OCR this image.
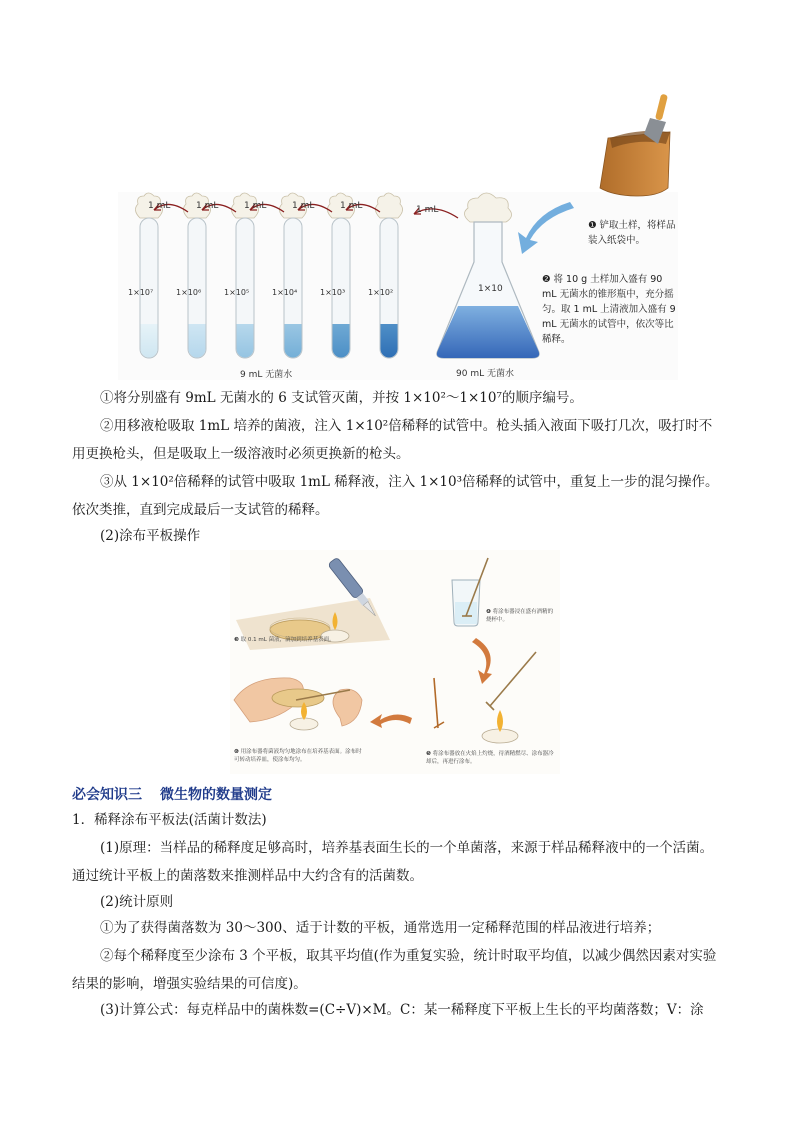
1 mL	1 mL	1 mL	1 mL	1 mL	1 mL
1×10⁷	1×10⁶	1×10⁵	1×10⁴	1×10³	1×10²
9 mL 无菌水
1×10
90 mL 无菌水
❶ 铲取土样，将样品装入纸袋中。
❷ 将 10 g 土样加入盛有 90 mL 无菌水的锥形瓶中，充分摇匀。取 1 mL 上清液加入盛有 9 mL 无菌水的试管中，依次等比稀释。
①将分别盛有 9mL 无菌水的 6 支试管灭菌，并按 1×10²～1×10⁷的顺序编号。
②用移液枪吸取 1mL 培养的菌液，注入 1×10²倍稀释的试管中。枪头插入液面下吸打几次，吸打时不用更换枪头，但是吸取上一级溶液时必须更换新的枪头。
③从 1×10²倍稀释的试管中吸取 1mL 稀释液，注入 1×10³倍稀释的试管中，重复上一步的混匀操作。依次类推，直到完成最后一支试管的稀释。
(2)涂布平板操作
❸ 取 0.1 mL 菌液，滴加到培养基表面。
❹ 将涂布器浸在盛有酒精的烧杯中。
❺ 将涂布器放在火焰上灼烧，待酒精燃尽、涂布器冷却后，再进行涂布。
❻ 用涂布器将菌液均匀地涂布在培养基表面。涂布时可转动培养皿，使涂布均匀。
必会知识三 微生物的数量测定
1．稀释涂布平板法(活菌计数法)
(1)原理：当样品的稀释度足够高时，培养基表面生长的一个单菌落，来源于样品稀释液中的一个活菌。通过统计平板上的菌落数来推测样品中大约含有的活菌数。
(2)统计原则
①为了获得菌落数为 30～300、适于计数的平板，通常选用一定稀释范围的样品液进行培养；
②每个稀释度至少涂布 3 个平板，取其平均值(作为重复实验，统计时取平均值，以减少偶然因素对实验结果的影响，增强实验结果的可信度)。
(3)计算公式：每克样品中的菌株数=(C÷V)×M。C：某一稀释度下平板上生长的平均菌落数；V：涂
